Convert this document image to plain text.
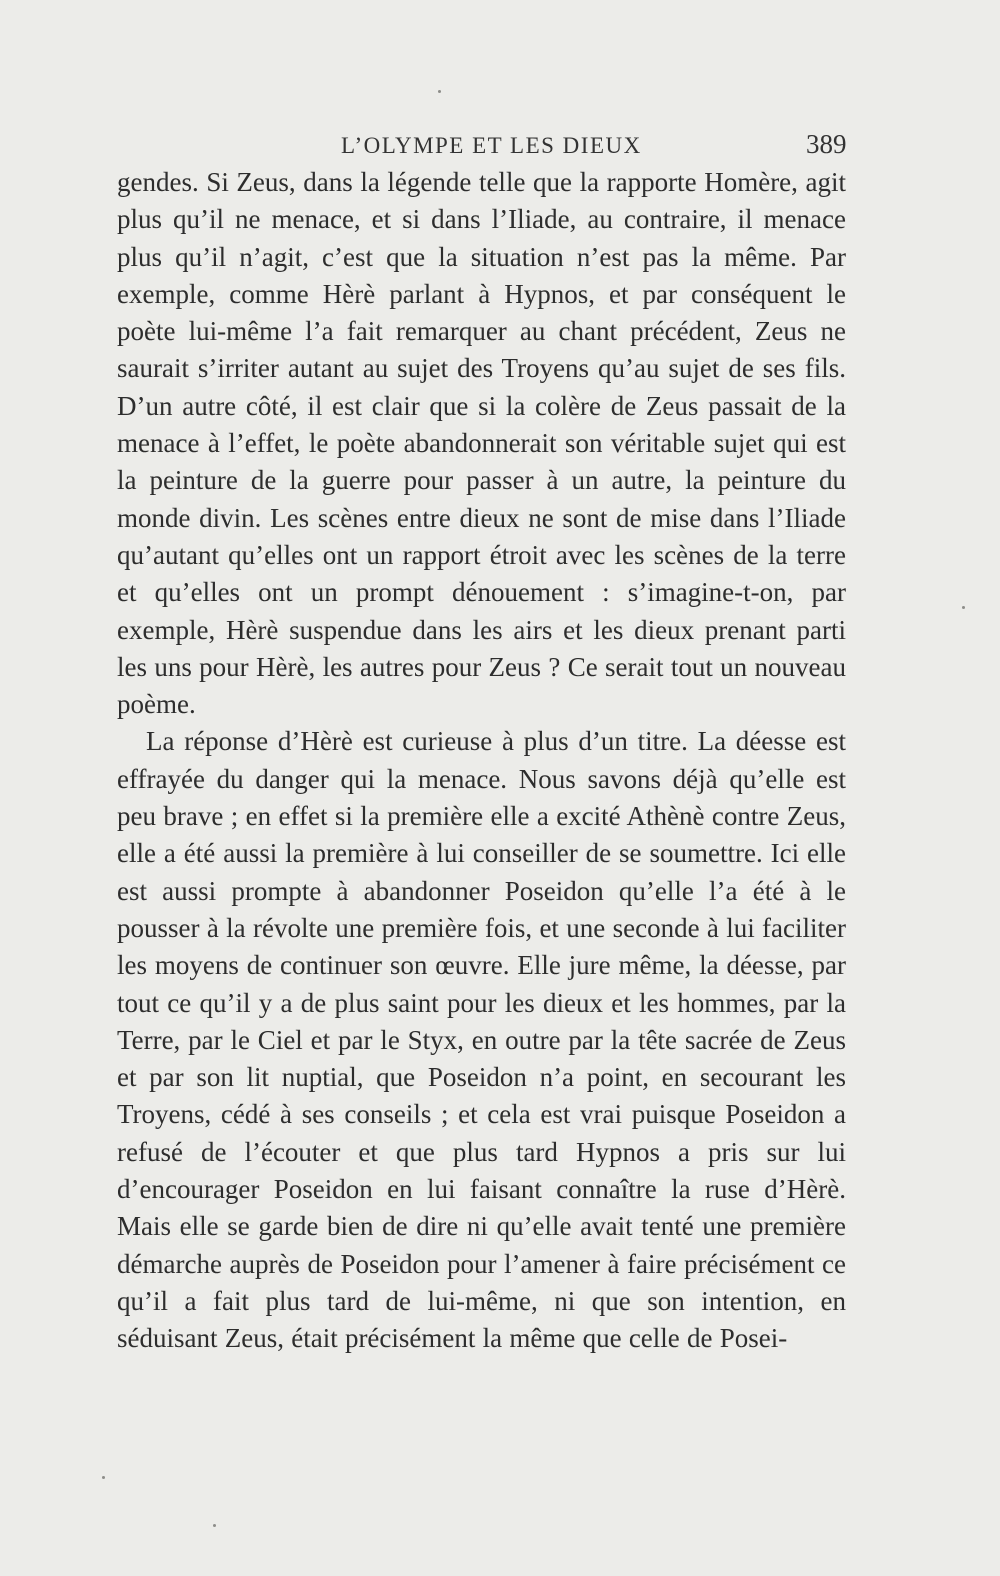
L’OLYMPE ET LES DIEUX	389

gendes. Si Zeus, dans la légende telle que la rapporte Homère, agit plus qu’il ne menace, et si dans l’Iliade, au contraire, il menace plus qu’il n’agit, c’est que la situation n’est pas la même. Par exemple, comme Hèrè parlant à Hypnos, et par conséquent le poète lui-même l’a fait remarquer au chant précédent, Zeus ne saurait s’irriter autant au sujet des Troyens qu’au sujet de ses fils. D’un autre côté, il est clair que si la colère de Zeus passait de la menace à l’effet, le poète abandonnerait son véritable sujet qui est la peinture de la guerre pour passer à un autre, la peinture du monde divin. Les scènes entre dieux ne sont de mise dans l’Iliade qu’autant qu’elles ont un rapport étroit avec les scènes de la terre et qu’elles ont un prompt dénouement : s’imagine-t-on, par exemple, Hèrè suspendue dans les airs et les dieux prenant parti les uns pour Hèrè, les autres pour Zeus ? Ce serait tout un nouveau poème.

La réponse d’Hèrè est curieuse à plus d’un titre. La déesse est effrayée du danger qui la menace. Nous savons déjà qu’elle est peu brave ; en effet si la première elle a excité Athènè contre Zeus, elle a été aussi la première à lui conseiller de se soumettre. Ici elle est aussi prompte à abandonner Poseidon qu’elle l’a été à le pousser à la révolte une première fois, et une seconde à lui faciliter les moyens de continuer son œuvre. Elle jure même, la déesse, par tout ce qu’il y a de plus saint pour les dieux et les hommes, par la Terre, par le Ciel et par le Styx, en outre par la tête sacrée de Zeus et par son lit nuptial, que Poseidon n’a point, en secourant les Troyens, cédé à ses conseils ; et cela est vrai puisque Poseidon a refusé de l’écouter et que plus tard Hypnos a pris sur lui d’encourager Poseidon en lui faisant connaître la ruse d’Hèrè. Mais elle se garde bien de dire ni qu’elle avait tenté une première démarche auprès de Poseidon pour l’amener à faire précisément ce qu’il a fait plus tard de lui-même, ni que son intention, en séduisant Zeus, était précisément la même que celle de Posei-
